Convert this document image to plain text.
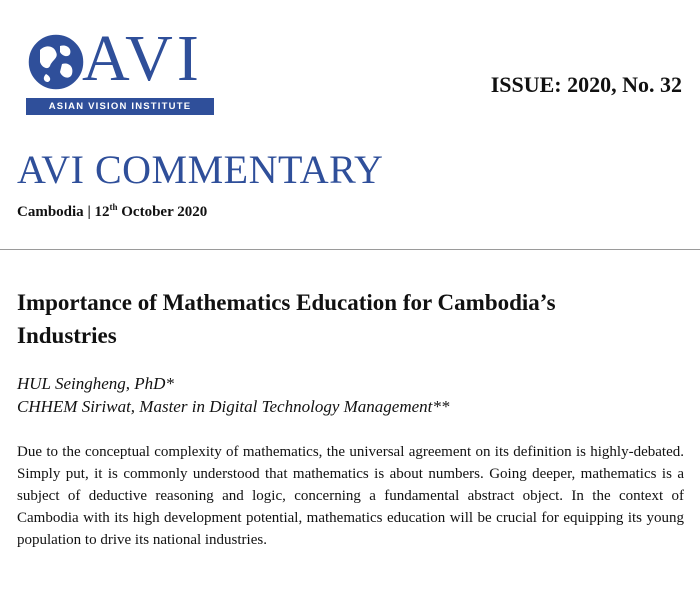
AVI
ASIAN VISION INSTITUTE
ISSUE: 2020, No. 32
AVI COMMENTARY
Cambodia | 12th October 2020
Importance of Mathematics Education for Cambodia’s Industries
HUL Seingheng, PhD*
CHHEM Siriwat, Master in Digital Technology Management**
Due to the conceptual complexity of mathematics, the universal agreement on its definition is highly-debated. Simply put, it is commonly understood that mathematics is about numbers. Going deeper, mathematics is a subject of deductive reasoning and logic, concerning a fundamental abstract object. In the context of Cambodia with its high development potential, mathematics education will be crucial for equipping its young population to drive its national industries.
